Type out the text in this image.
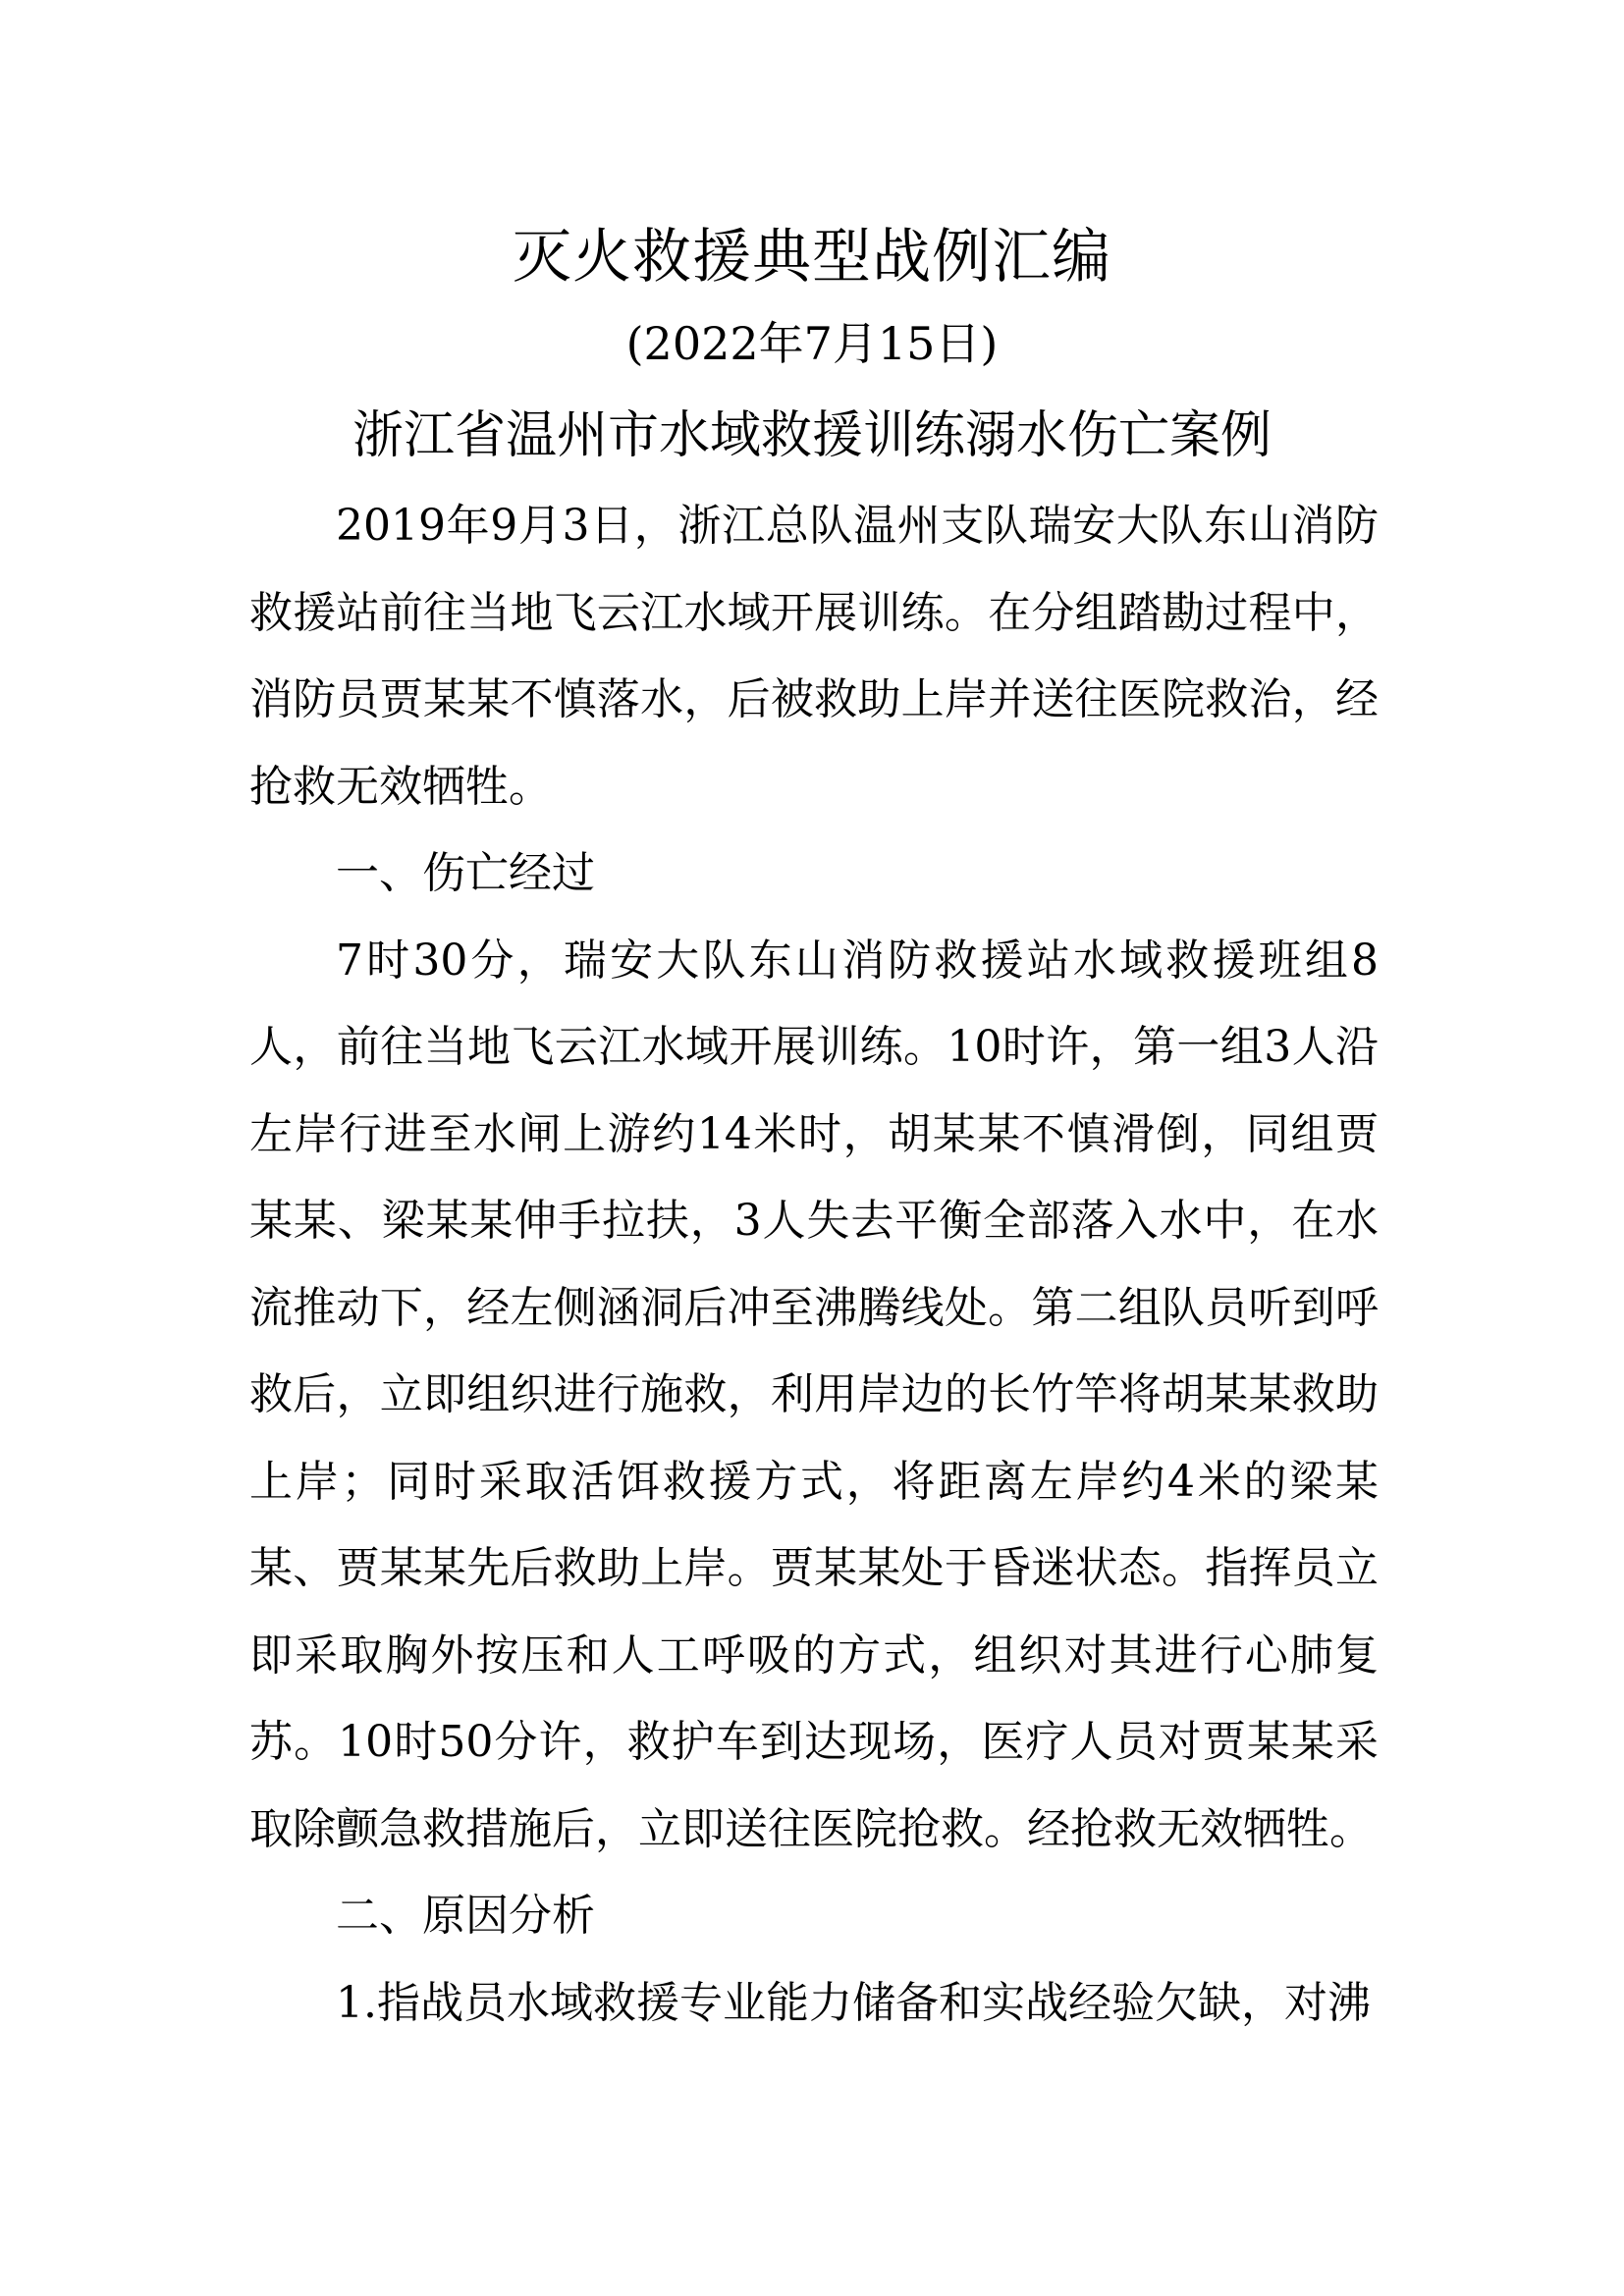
灭火救援典型战例汇编
(2022年7月15日)
浙江省温州市水域救援训练溺水伤亡案例

2019年9月3日，浙江总队温州支队瑞安大队东山消防救援站前往当地飞云江水域开展训练。在分组踏勘过程中，消防员贾某某不慎落水，后被救助上岸并送往医院救治，经抢救无效牺牲。

一、伤亡经过

7时30分，瑞安大队东山消防救援站水域救援班组8人，前往当地飞云江水域开展训练。10时许，第一组3人沿左岸行进至水闸上游约14米时，胡某某不慎滑倒，同组贾某某、梁某某伸手拉扶，3人失去平衡全部落入水中，在水流推动下，经左侧涵洞后冲至沸腾线处。第二组队员听到呼救后，立即组织进行施救，利用岸边的长竹竿将胡某某救助上岸；同时采取活饵救援方式，将距离左岸约4米的梁某某、贾某某先后救助上岸。贾某某处于昏迷状态。指挥员立即采取胸外按压和人工呼吸的方式，组织对其进行心肺复苏。10时50分许，救护车到达现场，医疗人员对贾某某采取除颤急救措施后，立即送往医院抢救。经抢救无效牺牲。

二、原因分析

1.指战员水域救援专业能力储备和实战经验欠缺，对沸
